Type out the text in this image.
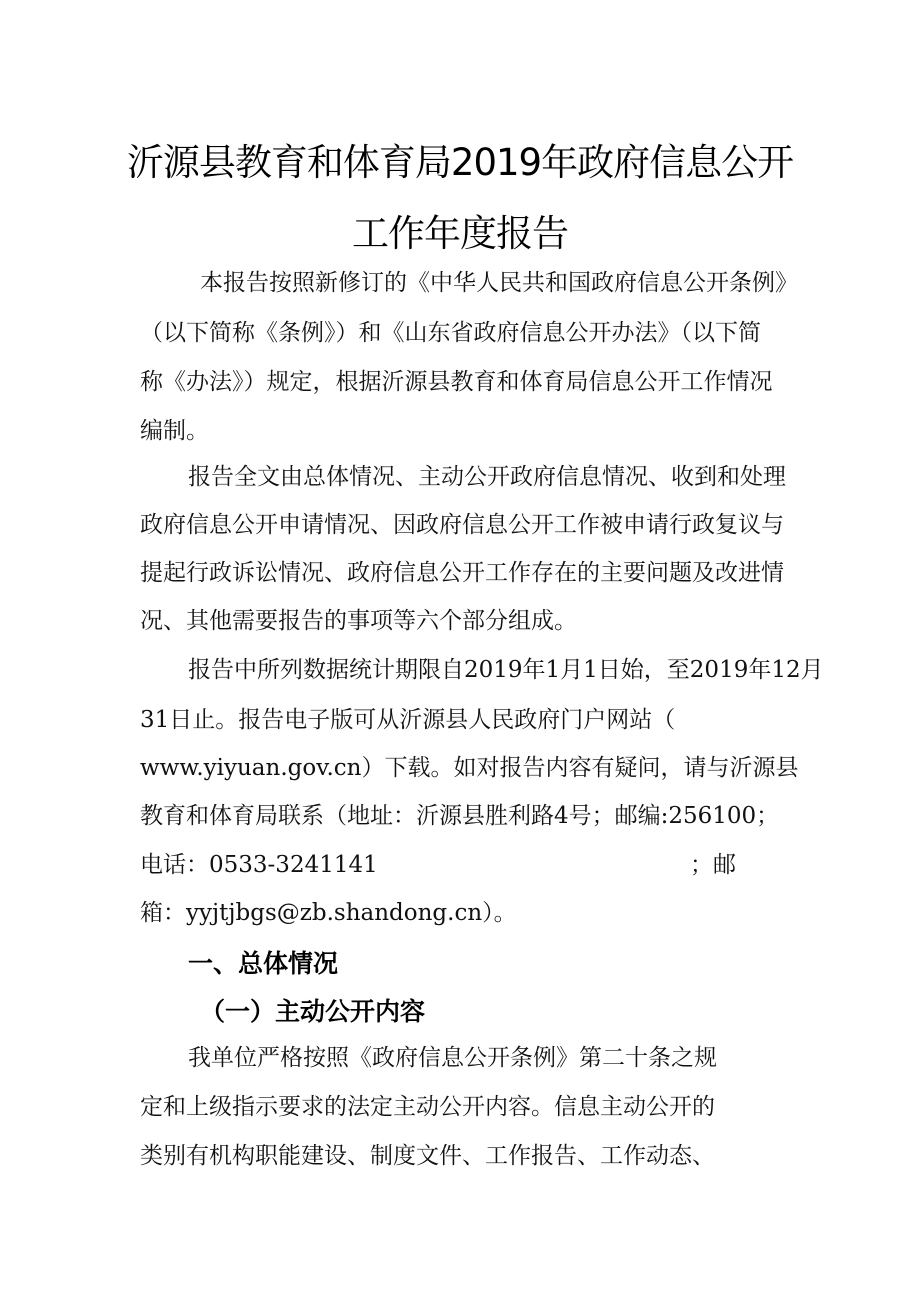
沂源县教育和体育局2019年政府信息公开
工作年度报告
本报告按照新修订的《中华人民共和国政府信息公开条例》
（以下简称《条例》）和《山东省政府信息公开办法》（以下简
称《办法》）规定，根据沂源县教育和体育局信息公开工作情况
编制。
报告全文由总体情况、主动公开政府信息情况、收到和处理
政府信息公开申请情况、因政府信息公开工作被申请行政复议与
提起行政诉讼情况、政府信息公开工作存在的主要问题及改进情
况、其他需要报告的事项等六个部分组成。
报告中所列数据统计期限自2019年1月1日始，至2019年12月
31日止。报告电子版可从沂源县人民政府门户网站（
www.yiyuan.gov.cn）下载。如对报告内容有疑问，请与沂源县
教育和体育局联系（地址：沂源县胜利路4号；邮编:256100；
电话：0533-3241141	；邮
箱：yyjtjbgs@zb.shandong.cn）。
一、总体情况
（一）主动公开内容
我单位严格按照《政府信息公开条例》第二十条之规
定和上级指示要求的法定主动公开内容。信息主动公开的
类别有机构职能建设、制度文件、工作报告、工作动态、
